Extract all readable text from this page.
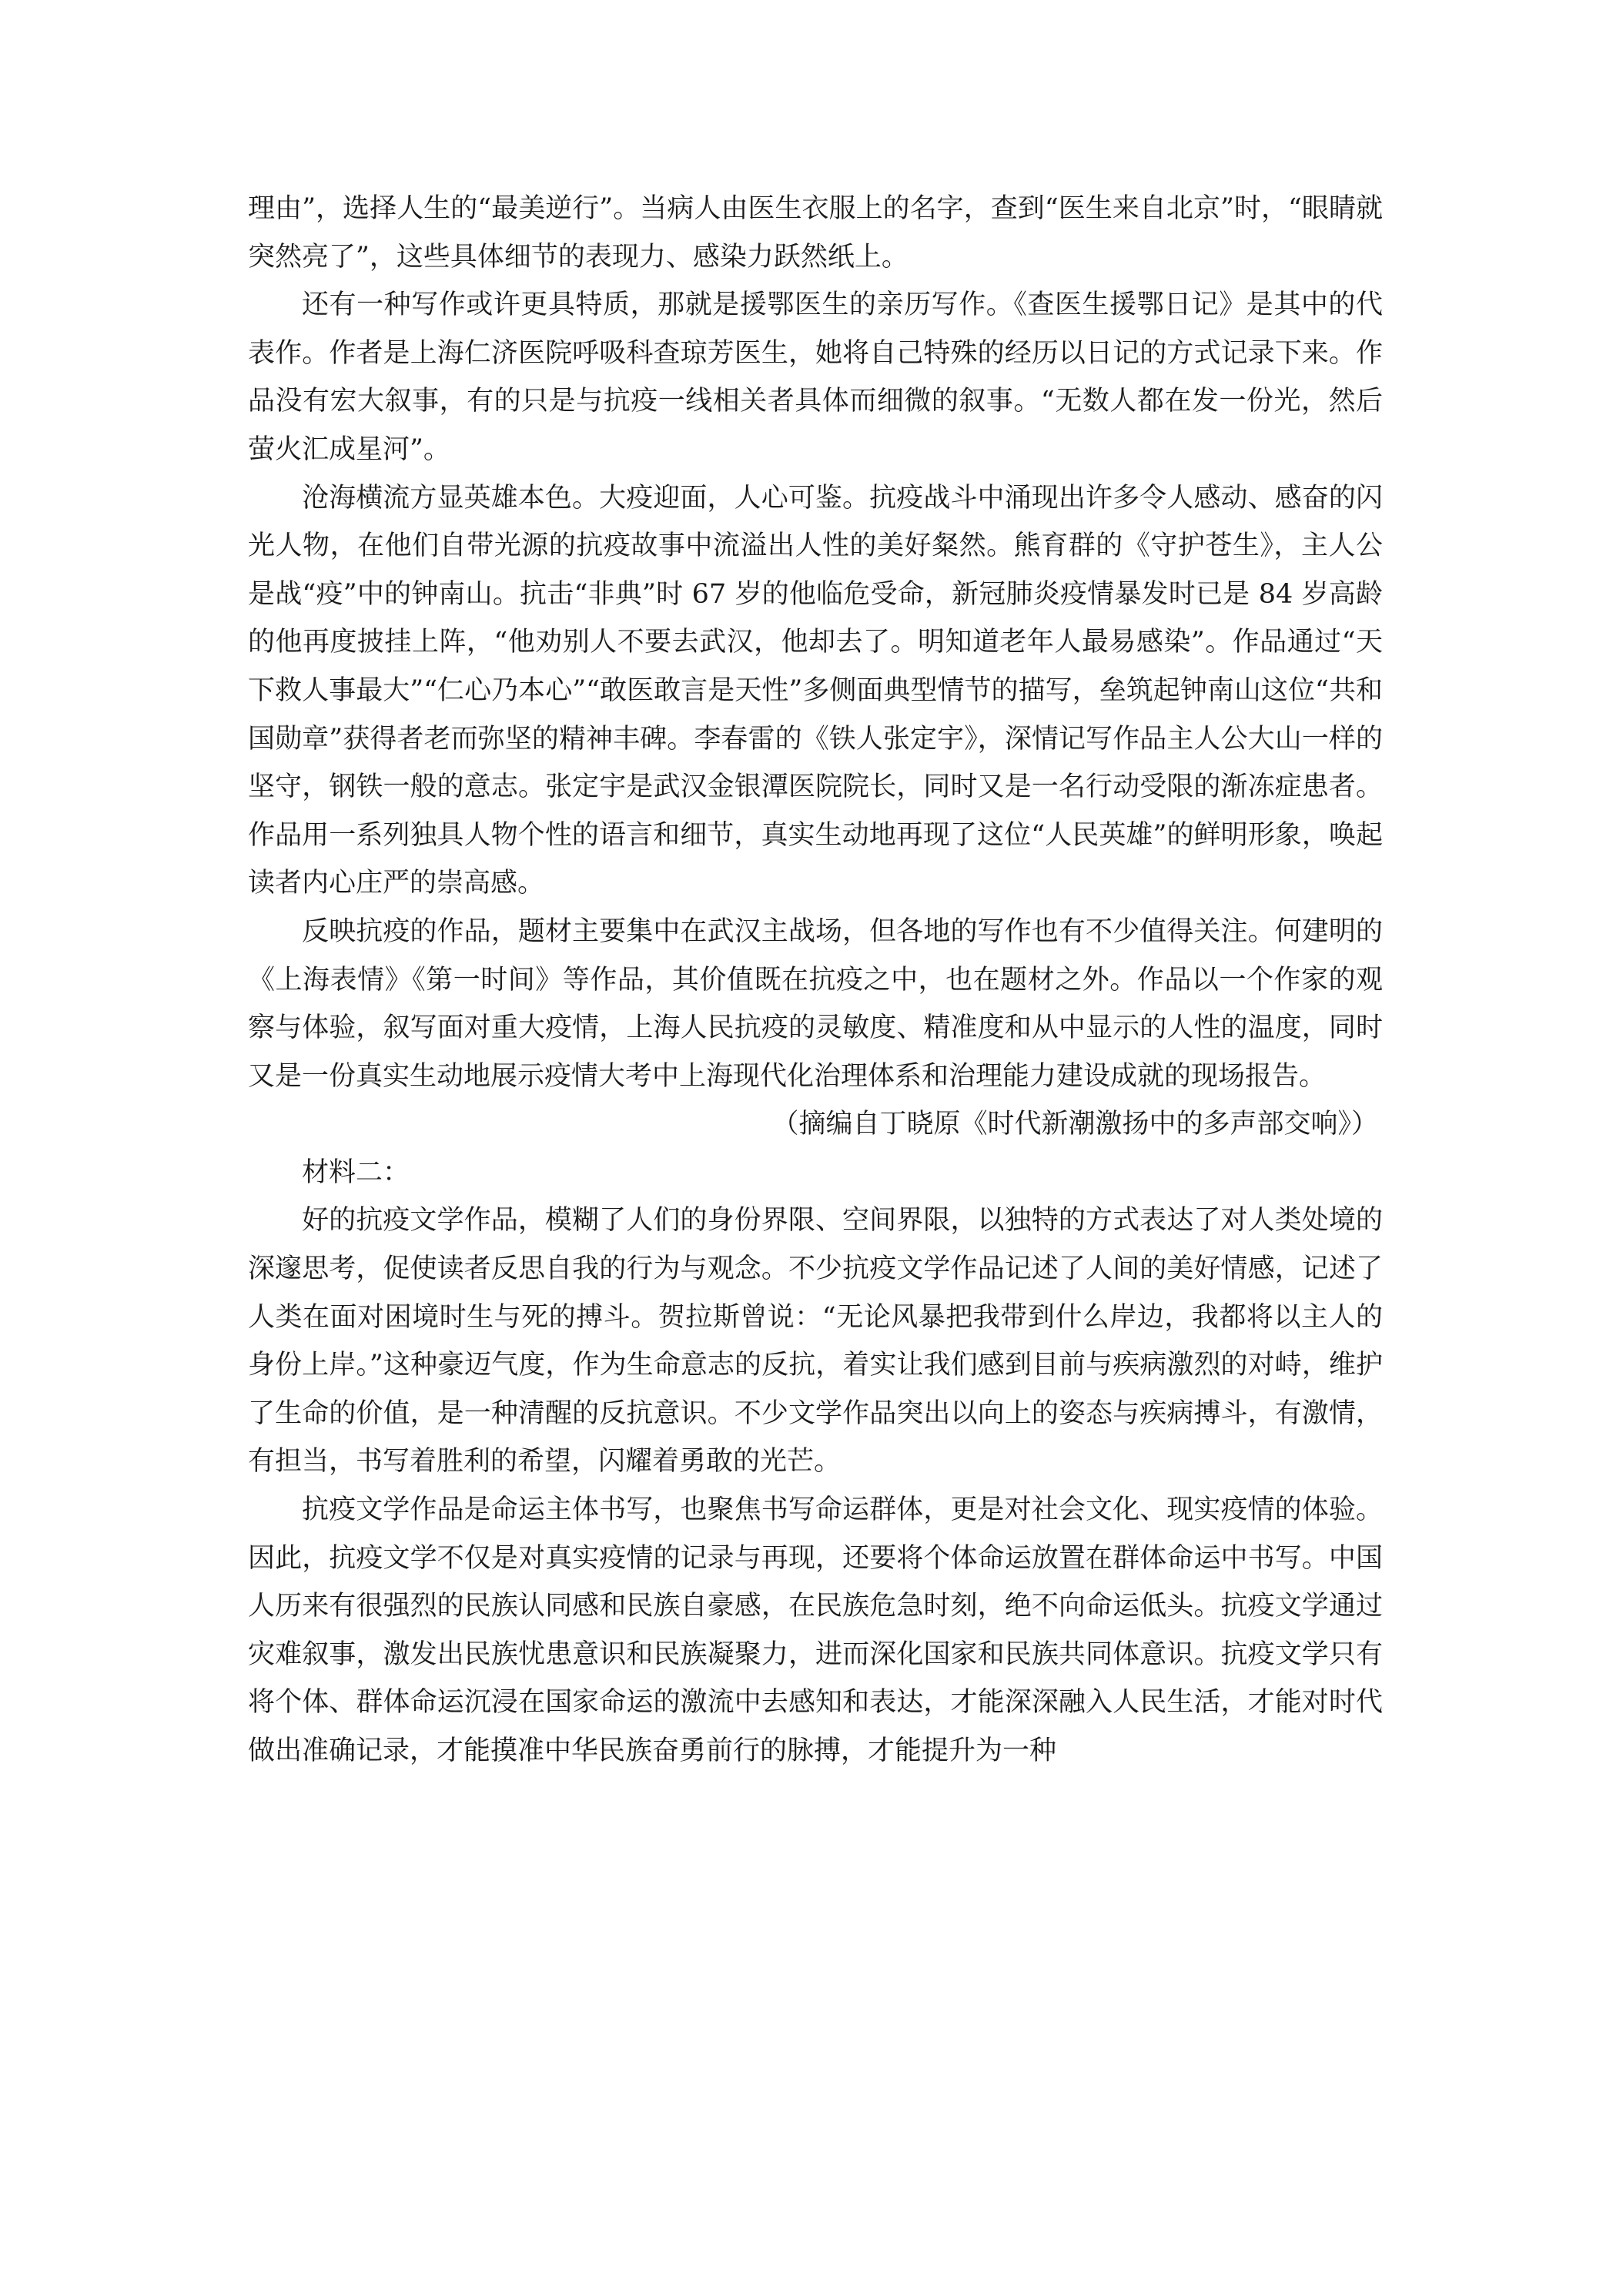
理由”，选择人生的“最美逆行”。当病人由医生衣服上的名字，查到“医生来自北京”时，“眼睛就突然亮了”，这些具体细节的表现力、感染力跃然纸上。

还有一种写作或许更具特质，那就是援鄂医生的亲历写作。《查医生援鄂日记》是其中的代表作。作者是上海仁济医院呼吸科查琼芳医生，她将自己特殊的经历以日记的方式记录下来。作品没有宏大叙事，有的只是与抗疫一线相关者具体而细微的叙事。“无数人都在发一份光，然后萤火汇成星河”。

沧海横流方显英雄本色。大疫迎面，人心可鉴。抗疫战斗中涌现出许多令人感动、感奋的闪光人物，在他们自带光源的抗疫故事中流溢出人性的美好粲然。熊育群的《守护苍生》，主人公是战“疫”中的钟南山。抗击“非典”时 67 岁的他临危受命，新冠肺炎疫情暴发时已是 84 岁高龄的他再度披挂上阵，“他劝别人不要去武汉，他却去了。明知道老年人最易感染”。作品通过“天下救人事最大”“仁心乃本心”“敢医敢言是天性”多侧面典型情节的描写，垒筑起钟南山这位“共和国勋章”获得者老而弥坚的精神丰碑。李春雷的《铁人张定宇》，深情记写作品主人公大山一样的坚守，钢铁一般的意志。张定宇是武汉金银潭医院院长，同时又是一名行动受限的渐冻症患者。作品用一系列独具人物个性的语言和细节，真实生动地再现了这位“人民英雄”的鲜明形象，唤起读者内心庄严的崇高感。

反映抗疫的作品，题材主要集中在武汉主战场，但各地的写作也有不少值得关注。何建明的《上海表情》《第一时间》等作品，其价值既在抗疫之中，也在题材之外。作品以一个作家的观察与体验，叙写面对重大疫情，上海人民抗疫的灵敏度、精准度和从中显示的人性的温度，同时又是一份真实生动地展示疫情大考中上海现代化治理体系和治理能力建设成就的现场报告。

（摘编自丁晓原《时代新潮激扬中的多声部交响》）

材料二：

好的抗疫文学作品，模糊了人们的身份界限、空间界限，以独特的方式表达了对人类处境的深邃思考，促使读者反思自我的行为与观念。不少抗疫文学作品记述了人间的美好情感，记述了人类在面对困境时生与死的搏斗。贺拉斯曾说：“无论风暴把我带到什么岸边，我都将以主人的身份上岸。”这种豪迈气度，作为生命意志的反抗，着实让我们感到目前与疾病激烈的对峙，维护了生命的价值，是一种清醒的反抗意识。不少文学作品突出以向上的姿态与疾病搏斗，有激情，有担当，书写着胜利的希望，闪耀着勇敢的光芒。

抗疫文学作品是命运主体书写，也聚焦书写命运群体，更是对社会文化、现实疫情的体验。因此，抗疫文学不仅是对真实疫情的记录与再现，还要将个体命运放置在群体命运中书写。中国人历来有很强烈的民族认同感和民族自豪感，在民族危急时刻，绝不向命运低头。抗疫文学通过灾难叙事，激发出民族忧患意识和民族凝聚力，进而深化国家和民族共同体意识。抗疫文学只有将个体、群体命运沉浸在国家命运的激流中去感知和表达，才能深深融入人民生活，才能对时代做出准确记录，才能摸准中华民族奋勇前行的脉搏，才能提升为一种
